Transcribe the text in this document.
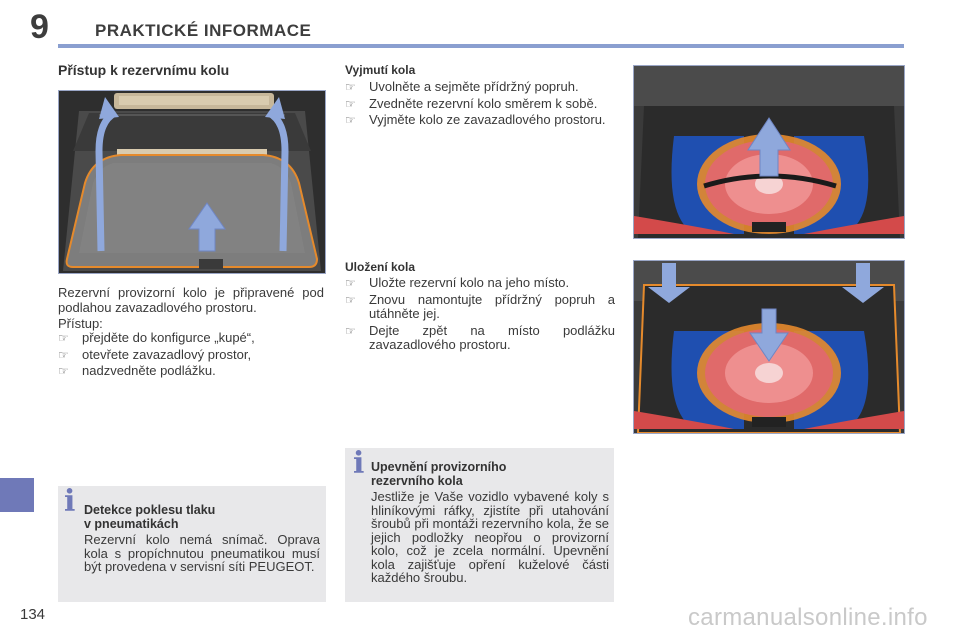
9	PRAKTICKÉ INFORMACE
Přístup k rezervnímu kolu
Rezervní provizorní kolo je připravené pod podlahou zavazadlového prostoru.
Přístup:
☞ přejděte do konfigurce „kupé“,
☞ otevřete zavazadlový prostor,
☞ nadzvedněte podlážku.
i Detekce poklesu tlaku
v pneumatikách
Rezervní kolo nemá snímač. Oprava kola s propíchnutou pneumatikou musí být provedena v servisní síti PEUGEOT.
Vyjmutí kola
☞ Uvolněte a sejměte přídržný popruh.
☞ Zvedněte rezervní kolo směrem k sobě.
☞ Vyjměte kolo ze zavazadlového prostoru.
Uložení kola
☞ Uložte rezervní kolo na jeho místo.
☞ Znovu namontujte přídržný popruh a utáhněte jej.
☞ Dejte zpět na místo podlážku zavazadlového prostoru.
i Upevnění provizorního
rezervního kola
Jestliže je Vaše vozidlo vybavené koly s hliníkovými ráfky, zjistíte při utahování šroubů při montáži rezervního kola, že se jejich podložky neopřou o provizorní kolo, což je zcela normální. Upevnění kola zajišťuje opření kuželové části každého šroubu.
134	carmanualsonline.info
